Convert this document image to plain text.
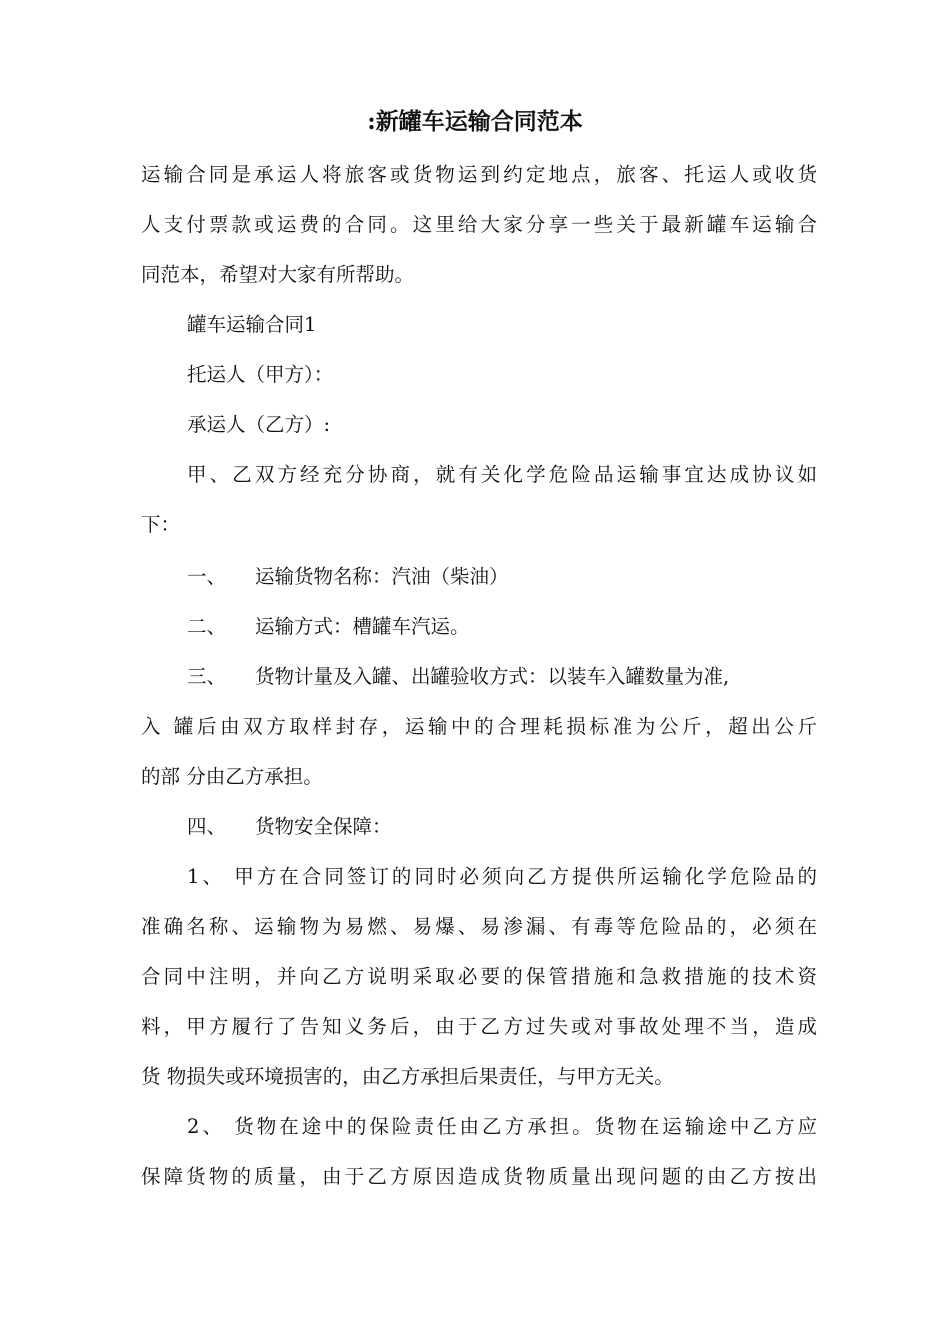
:新罐车运输合同范本
运输合同是承运人将旅客或货物运到约定地点，旅客、托运人或收货
人支付票款或运费的合同。这里给大家分享一些关于最新罐车运输合
同范本，希望对大家有所帮助。
罐车运输合同1
托运人（甲方）：
承运人（乙方）:
甲、乙双方经充分协商，就有关化学危险品运输事宜达成协议如
下：
一、 运输货物名称：汽油（柴油）
二、 运输方式：槽罐车汽运。
三、 货物计量及入罐、出罐验收方式：以装车入罐数量为准,
入 罐后由双方取样封存，运输中的合理耗损标准为公斤，超出公斤
的部 分由乙方承担。
四、 货物安全保障：
1、 甲方在合同签订的同时必须向乙方提供所运输化学危险品的
准确名称、运输物为易燃、易爆、易渗漏、有毒等危险品的，必须在
合同中注明，并向乙方说明采取必要的保管措施和急救措施的技术资
料，甲方履行了告知义务后，由于乙方过失或对事故处理不当，造成
货 物损失或环境损害的，由乙方承担后果责任，与甲方无关。
2、 货物在途中的保险责任由乙方承担。货物在运输途中乙方应
保障货物的质量，由于乙方原因造成货物质量出现问题的由乙方按出
